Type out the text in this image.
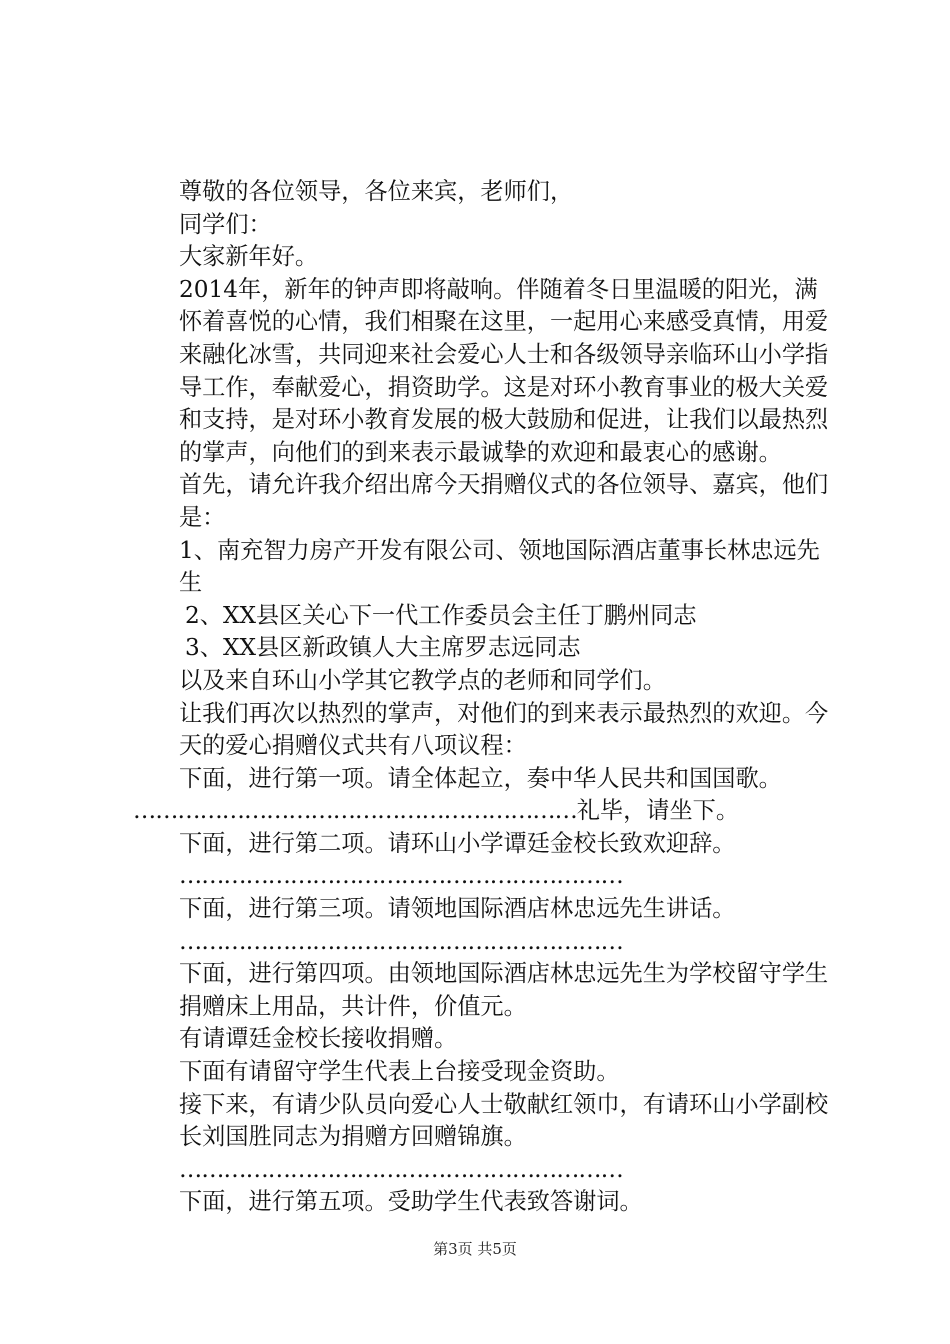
尊敬的各位领导，各位来宾，老师们，

同学们：

大家新年好。

2014年，新年的钟声即将敲响。伴随着冬日里温暖的阳光，满怀着喜悦的心情，我们相聚在这里，一起用心来感受真情，用爱来融化冰雪，共同迎来社会爱心人士和各级领导亲临环山小学指导工作，奉献爱心，捐资助学。这是对环小教育事业的极大关爱和支持，是对环小教育发展的极大鼓励和促进，让我们以最热烈的掌声，向他们的到来表示最诚挚的欢迎和最衷心的感谢。

首先，请允许我介绍出席今天捐赠仪式的各位领导、嘉宾，他们是：

1、南充智力房产开发有限公司、领地国际酒店董事长林忠远先生

2、XX县区关心下一代工作委员会主任丁鹏州同志

3、XX县区新政镇人大主席罗志远同志

以及来自环山小学其它教学点的老师和同学们。

让我们再次以热烈的掌声，对他们的到来表示最热烈的欢迎。今天的爱心捐赠仪式共有八项议程：

下面，进行第一项。请全体起立，奏中华人民共和国国歌。

……………………………………………………礼毕，请坐下。

下面，进行第二项。请环山小学谭廷金校长致欢迎辞。

……………………………………………………

下面，进行第三项。请领地国际酒店林忠远先生讲话。

……………………………………………………

下面，进行第四项。由领地国际酒店林忠远先生为学校留守学生捐赠床上用品，共计件，价值元。

有请谭廷金校长接收捐赠。

下面有请留守学生代表上台接受现金资助。

接下来，有请少队员向爱心人士敬献红领巾，有请环山小学副校长刘国胜同志为捐赠方回赠锦旗。

……………………………………………………

下面，进行第五项。受助学生代表致答谢词。

第3页 共5页
